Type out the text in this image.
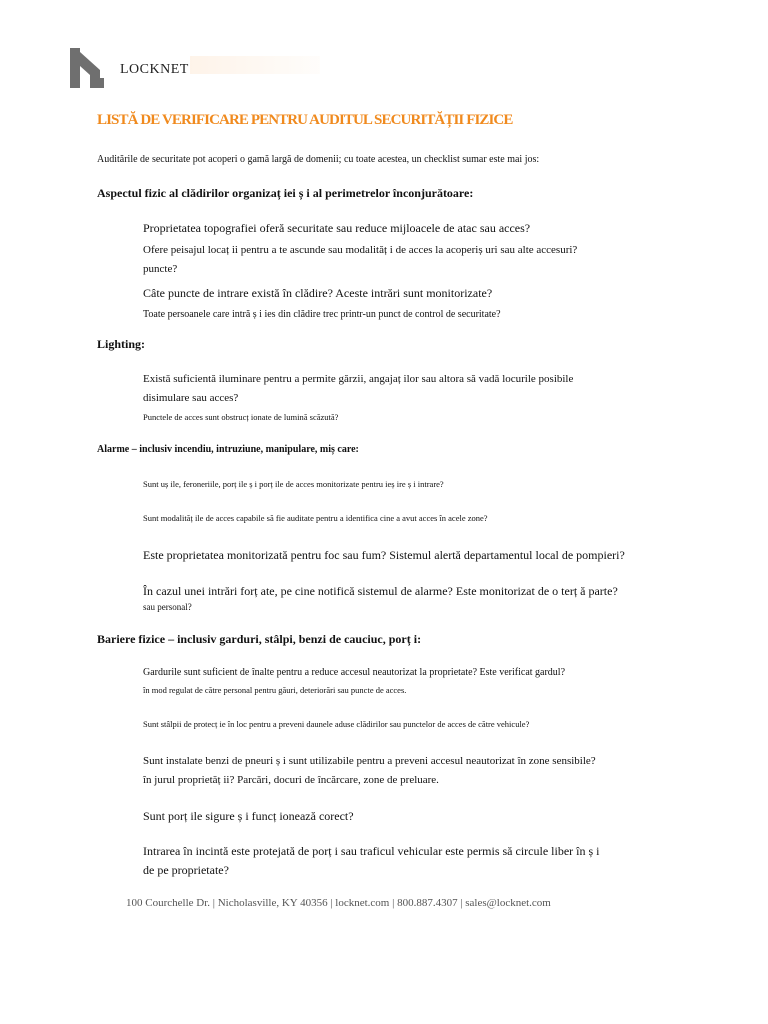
LOCKNET
LISTĂ DE VERIFICARE PENTRU AUDITUL SECURITĂȚII FIZICE
Auditările de securitate pot acoperi o gamă largă de domenii; cu toate acestea, un checklist sumar este mai jos:
Aspectul fizic al clădirilor organizaț iei ș i al perimetrelor înconjurătoare:
Proprietatea topografiei oferă securitate sau reduce mijloacele de atac sau acces?
Ofere peisajul locaț ii pentru a te ascunde sau modalităț i de acces la acoperiș uri sau alte accesuri?
puncte?
Câte puncte de intrare există în clădire? Aceste intrări sunt monitorizate?
Toate persoanele care intră ș i ies din clădire trec printr-un punct de control de securitate?
Lighting:
Există suficientă iluminare pentru a permite gărzii, angajaț ilor sau altora să vadă locurile posibile
disimulare sau acces?
Punctele de acces sunt obstrucț ionate de lumină scăzută?
Alarme – inclusiv incendiu, intruziune, manipulare, miș care:
Sunt uș ile, feroneriile, porț ile ș i porț ile de acces monitorizate pentru ieș ire ș i intrare?
Sunt modalităț ile de acces capabile să fie auditate pentru a identifica cine a avut acces în acele zone?
Este proprietatea monitorizată pentru foc sau fum? Sistemul alertă departamentul local de pompieri?
În cazul unei intrări forț ate, pe cine notifică sistemul de alarme? Este monitorizat de o terț ă parte?
sau personal?
Bariere fizice – inclusiv garduri, stâlpi, benzi de cauciuc, porț i:
Gardurile sunt suficient de înalte pentru a reduce accesul neautorizat la proprietate? Este verificat gardul?
în mod regulat de către personal pentru găuri, deteriorări sau puncte de acces.
Sunt stâlpii de protecț ie în loc pentru a preveni daunele aduse clădirilor sau punctelor de acces de către vehicule?
Sunt instalate benzi de pneuri ș i sunt utilizabile pentru a preveni accesul neautorizat în zone sensibile?
în jurul proprietăț ii? Parcări, docuri de încărcare, zone de preluare.
Sunt porț ile sigure ș i funcț ionează corect?
Intrarea în incintă este protejată de porț i sau traficul vehicular este permis să circule liber în ș i
de pe proprietate?
100 Courchelle Dr. | Nicholasville, KY 40356 | locknet.com | 800.887.4307 | sales@locknet.com
